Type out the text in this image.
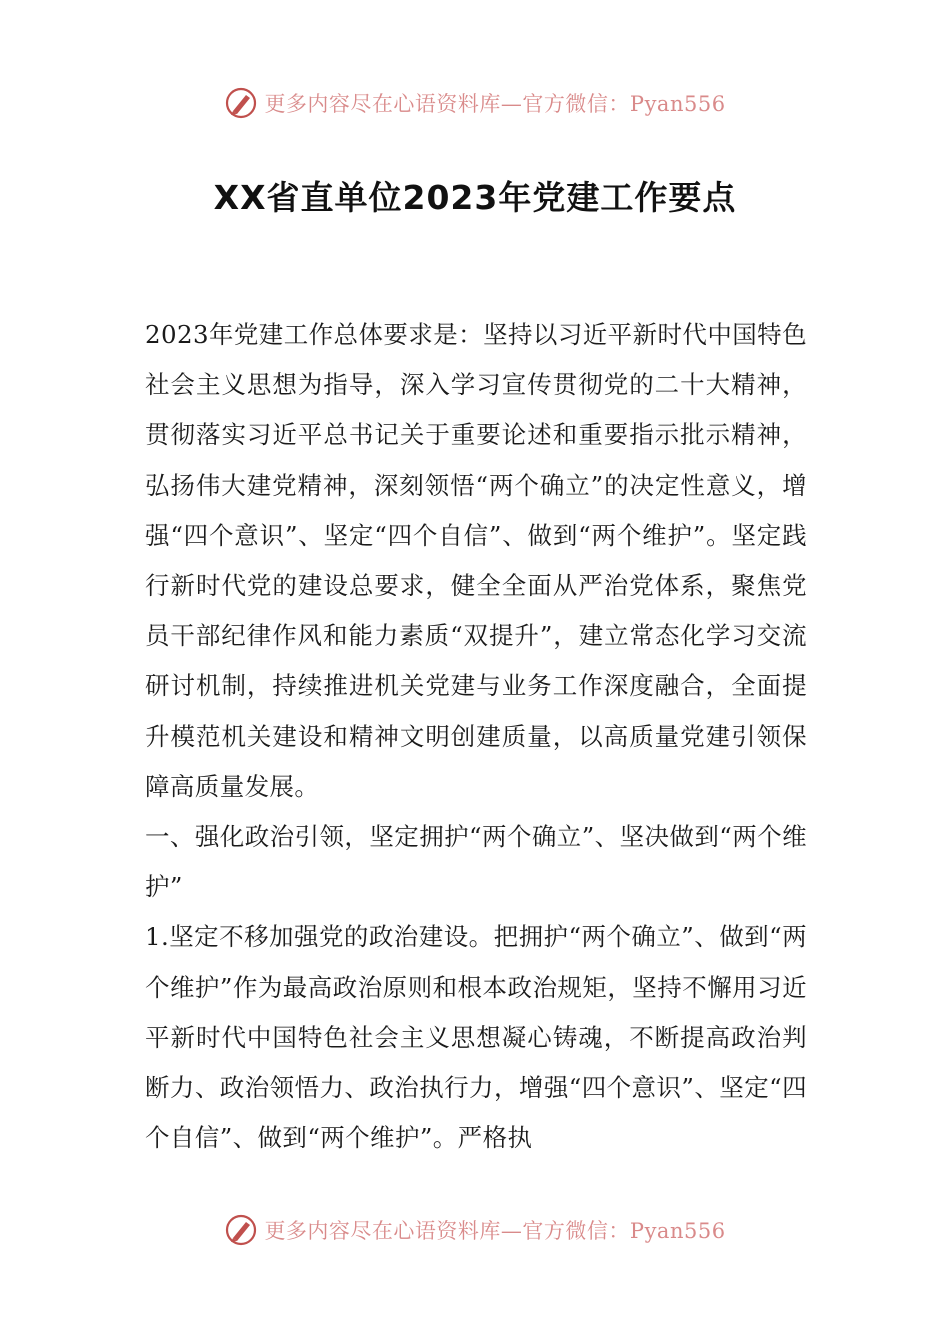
更多内容尽在心语资料库—官方微信：Pyan556
XX省直单位2023年党建工作要点

2023年党建工作总体要求是：坚持以习近平新时代中国特色社会主义思想为指导，深入学习宣传贯彻党的二十大精神，贯彻落实习近平总书记关于重要论述和重要指示批示精神，弘扬伟大建党精神，深刻领悟“两个确立”的决定性意义，增强“四个意识”、坚定“四个自信”、做到“两个维护”。坚定践行新时代党的建设总要求，健全全面从严治党体系，聚焦党员干部纪律作风和能力素质“双提升”，建立常态化学习交流研讨机制，持续推进机关党建与业务工作深度融合，全面提升模范机关建设和精神文明创建质量，以高质量党建引领保障高质量发展。

一、强化政治引领，坚定拥护“两个确立”、坚决做到“两个维护”

1.坚定不移加强党的政治建设。把拥护“两个确立”、做到“两个维护”作为最高政治原则和根本政治规矩，坚持不懈用习近平新时代中国特色社会主义思想凝心铸魂，不断提高政治判断力、政治领悟力、政治执行力，增强“四个意识”、坚定“四个自信”、做到“两个维护”。严格执

更多内容尽在心语资料库—官方微信：Pyan556
